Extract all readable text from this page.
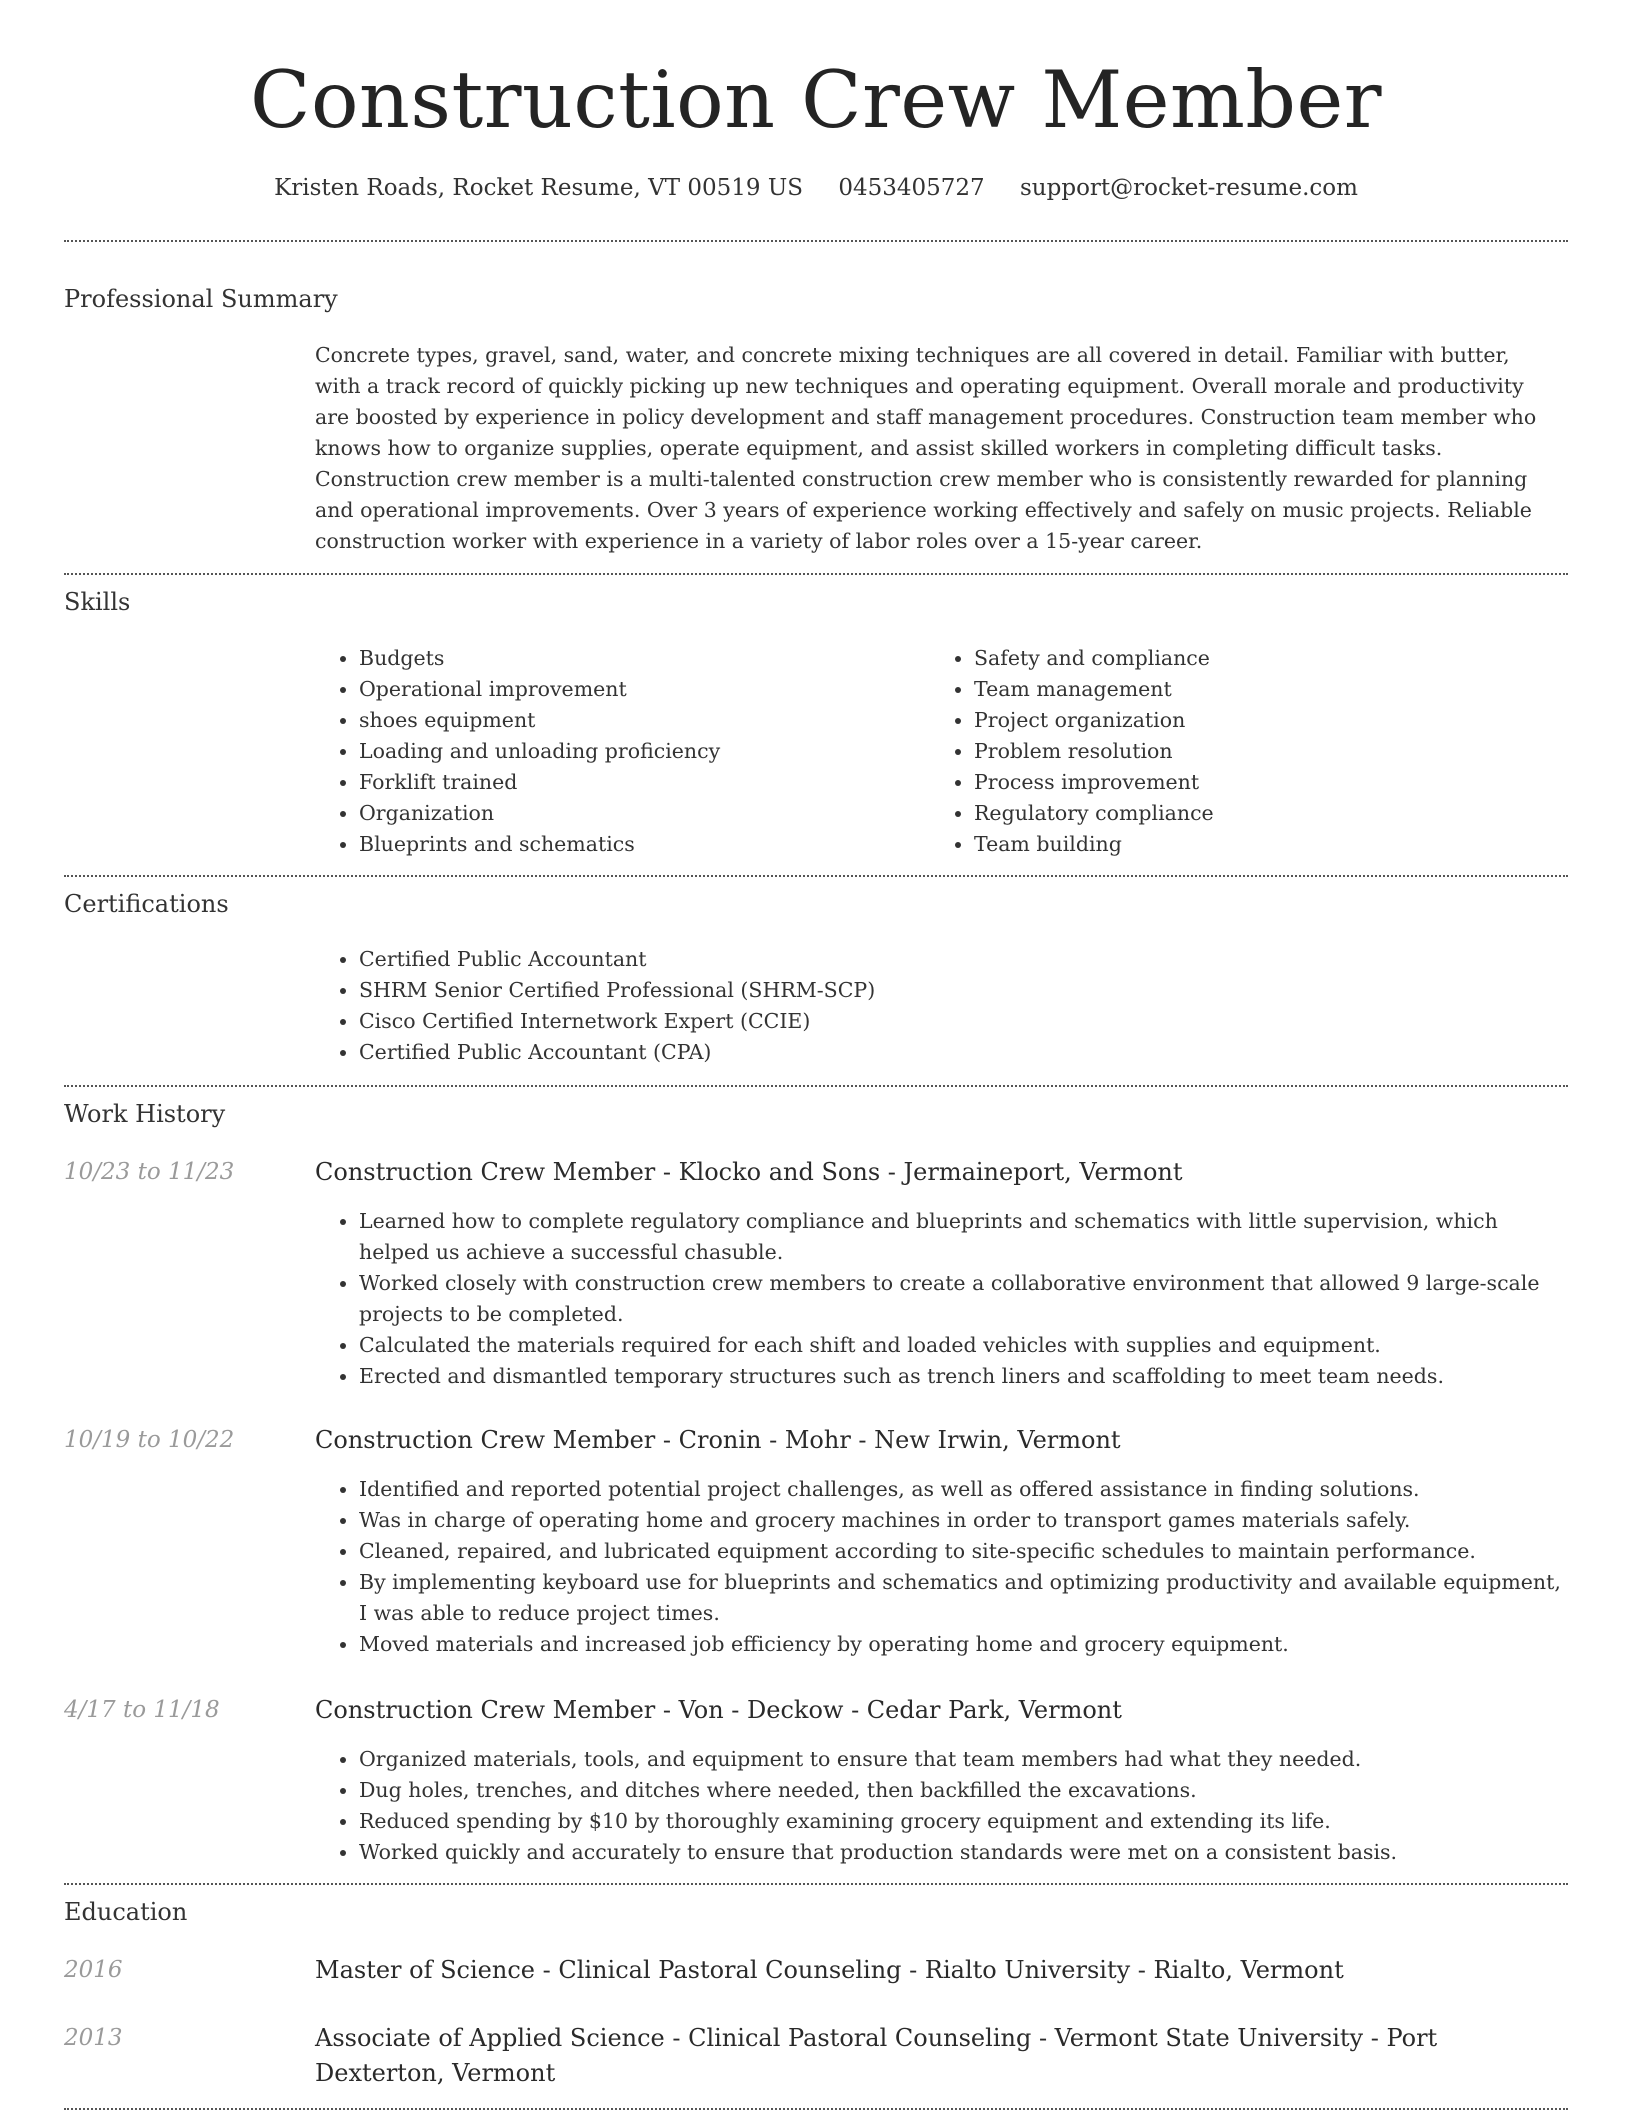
Construction Crew Member
Kristen Roads, Rocket Resume, VT 00519 US 0453405727 support@rocket-resume.com
Professional Summary

Concrete types, gravel, sand, water, and concrete mixing techniques are all covered in detail. Familiar with butter, with a track record of quickly picking up new techniques and operating equipment. Overall morale and productivity are boosted by experience in policy development and staff management procedures. Construction team member who knows how to organize supplies, operate equipment, and assist skilled workers in completing difficult tasks. Construction crew member is a multi-talented construction crew member who is consistently rewarded for planning and operational improvements. Over 3 years of experience working effectively and safely on music projects. Reliable construction worker with experience in a variety of labor roles over a 15-year career.

Skills
• Budgets
• Operational improvement
• shoes equipment
• Loading and unloading proficiency
• Forklift trained
• Organization
• Blueprints and schematics
• Safety and compliance
• Team management
• Project organization
• Problem resolution
• Process improvement
• Regulatory compliance
• Team building
Certifications
• Certified Public Accountant
• SHRM Senior Certified Professional (SHRM-SCP)
• Cisco Certified Internetwork Expert (CCIE)
• Certified Public Accountant (CPA)
Work History
10/23 to 11/23	Construction Crew Member - Klocko and Sons - Jermaineport, Vermont
• Learned how to complete regulatory compliance and blueprints and schematics with little supervision, which helped us achieve a successful chasuble.
• Worked closely with construction crew members to create a collaborative environment that allowed 9 large-scale projects to be completed.
• Calculated the materials required for each shift and loaded vehicles with supplies and equipment.
• Erected and dismantled temporary structures such as trench liners and scaffolding to meet team needs.
10/19 to 10/22	Construction Crew Member - Cronin - Mohr - New Irwin, Vermont
• Identified and reported potential project challenges, as well as offered assistance in finding solutions.
• Was in charge of operating home and grocery machines in order to transport games materials safely.
• Cleaned, repaired, and lubricated equipment according to site-specific schedules to maintain performance.
• By implementing keyboard use for blueprints and schematics and optimizing productivity and available equipment, I was able to reduce project times.
• Moved materials and increased job efficiency by operating home and grocery equipment.
4/17 to 11/18	Construction Crew Member - Von - Deckow - Cedar Park, Vermont
• Organized materials, tools, and equipment to ensure that team members had what they needed.
• Dug holes, trenches, and ditches where needed, then backfilled the excavations.
• Reduced spending by $10 by thoroughly examining grocery equipment and extending its life.
• Worked quickly and accurately to ensure that production standards were met on a consistent basis.
Education
2016	Master of Science - Clinical Pastoral Counseling - Rialto University - Rialto, Vermont
2013	Associate of Applied Science - Clinical Pastoral Counseling - Vermont State University - Port Dexterton, Vermont
